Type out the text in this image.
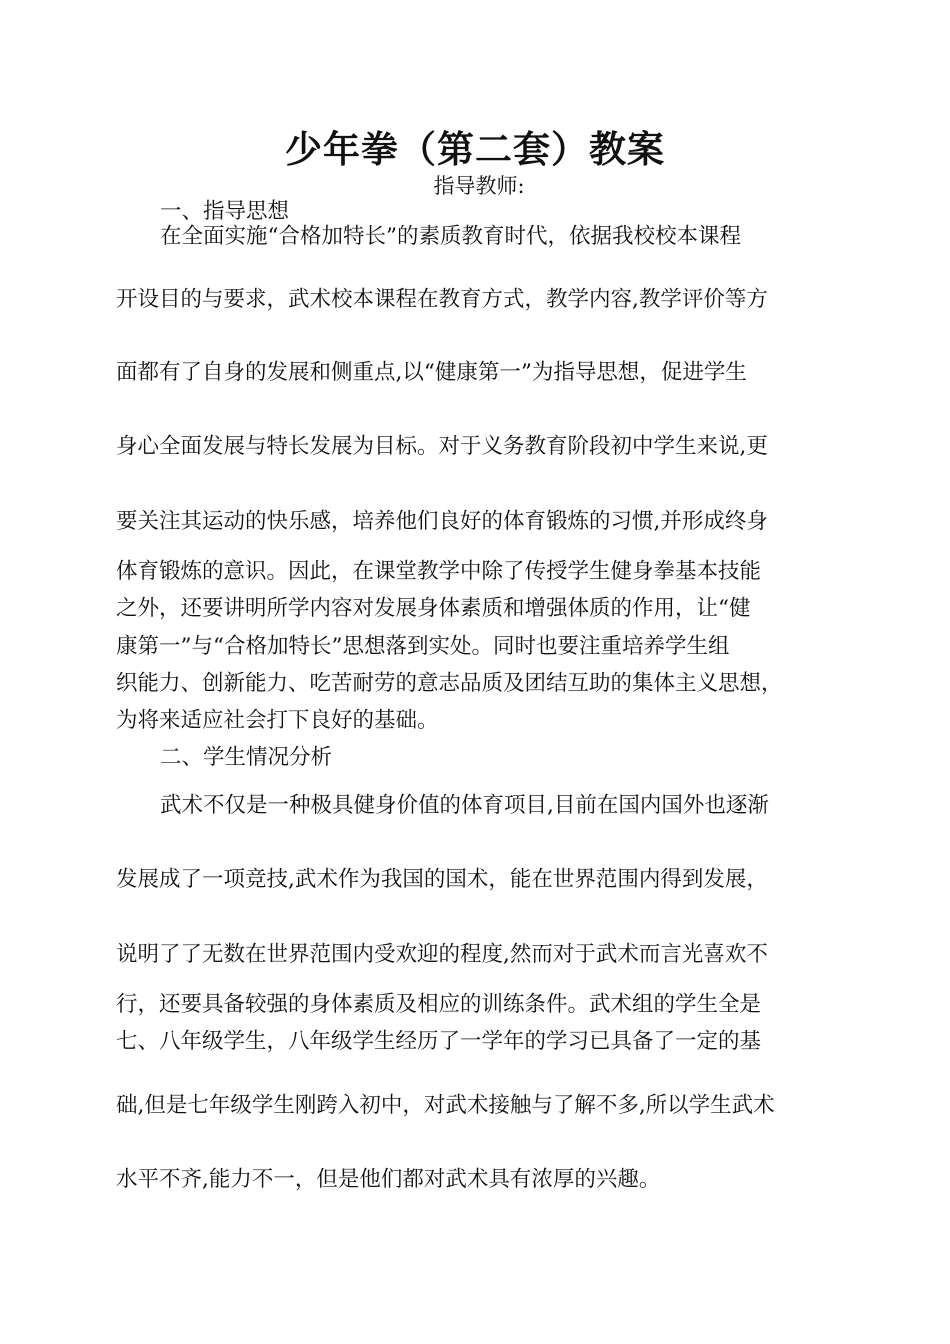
少年拳（第二套）教案
指导教师:
一、指导思想
在全面实施“合格加特长”的素质教育时代，依据我校校本课程
开设目的与要求，武术校本课程在教育方式，教学内容,教学评价等方
面都有了自身的发展和侧重点,以“健康第一”为指导思想，促进学生
身心全面发展与特长发展为目标。对于义务教育阶段初中学生来说,更
要关注其运动的快乐感，培养他们良好的体育锻炼的习惯,并形成终身
体育锻炼的意识。因此，在课堂教学中除了传授学生健身拳基本技能
之外，还要讲明所学内容对发展身体素质和增强体质的作用，让“健
康第一”与“合格加特长”思想落到实处。同时也要注重培养学生组
织能力、创新能力、吃苦耐劳的意志品质及团结互助的集体主义思想，
为将来适应社会打下良好的基础。
二、学生情况分析
武术不仅是一种极具健身价值的体育项目,目前在国内国外也逐渐
发展成了一项竞技,武术作为我国的国术，能在世界范围内得到发展，
说明了了无数在世界范围内受欢迎的程度,然而对于武术而言光喜欢不
行，还要具备较强的身体素质及相应的训练条件。武术组的学生全是
七、八年级学生，八年级学生经历了一学年的学习已具备了一定的基
础,但是七年级学生刚跨入初中，对武术接触与了解不多,所以学生武术
水平不齐,能力不一，但是他们都对武术具有浓厚的兴趣。
